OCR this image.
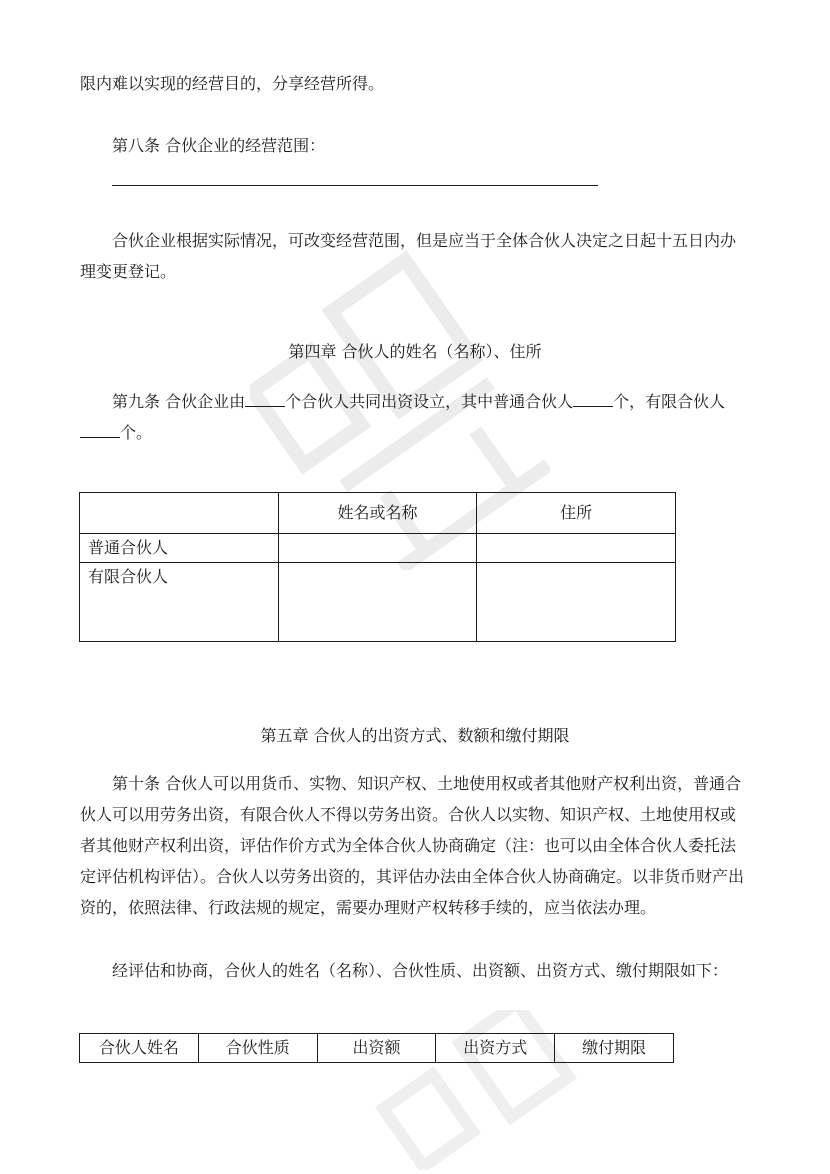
限内难以实现的经营目的，分享经营所得。

第八条 合伙企业的经营范围：

合伙企业根据实际情况，可改变经营范围，但是应当于全体合伙人决定之日起十五日内办理变更登记。

第四章 合伙人的姓名（名称）、住所

第九条 合伙企业由	个合伙人共同出资设立，其中普通合伙人	个，有限合伙人个。

	姓名或名称	住所
普通合伙人		
有限合伙人		

第五章 合伙人的出资方式、数额和缴付期限

第十条 合伙人可以用货币、实物、知识产权、土地使用权或者其他财产权利出资，普通合伙人可以用劳务出资，有限合伙人不得以劳务出资。合伙人以实物、知识产权、土地使用权或者其他财产权利出资，评估作价方式为全体合伙人协商确定（注：也可以由全体合伙人委托法定评估机构评估）。合伙人以劳务出资的，其评估办法由全体合伙人协商确定。以非货币财产出资的，依照法律、行政法规的规定，需要办理财产权转移手续的，应当依法办理。

经评估和协商，合伙人的姓名（名称）、合伙性质、出资额、出资方式、缴付期限如下：

合伙人姓名	合伙性质	出资额	出资方式	缴付期限
